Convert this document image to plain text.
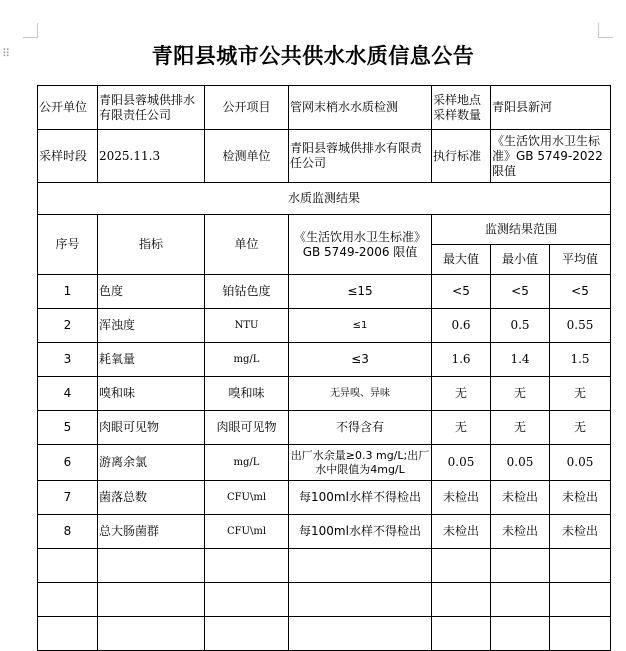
⠿	青阳县城市公共供水水质信息公告
公开单位	青阳县蓉城供排水有限责任公司	公开项目	管网末梢水水质检测	采样地点采样数量	青阳县新河	
采样时段	2025.11.3	检测单位	青阳县蓉城供排水有限责任公司	执行标准	《生活饮用水卫生标准》GB 5749-2022 限值	
水质监测结果						
序号	指标	单位	《生活饮用水卫生标准》GB 5749-2006 限值	监测结果范围		
				最大值	最小值	平均值
1	色度	铂钴色度	≤15	<5	<5	<5
2	浑浊度	NTU	≤1	0.6	0.5	0.55
3	耗氧量	mg/L	≤3	1.6	1.4	1.5
4	嗅和味	嗅和味	无异嗅、异味	无	无	无
5	肉眼可见物	肉眼可见物	不得含有	无	无	无
6	游离余氯	mg/L	出厂水余量≥0.3 mg/L;出厂水中限值为4mg/L	0.05	0.05	0.05
7	菌落总数	CFU\ml	每100ml水样不得检出	未检出	未检出	未检出
8	总大肠菌群	CFU\ml	每100ml水样不得检出	未检出	未检出	未检出
